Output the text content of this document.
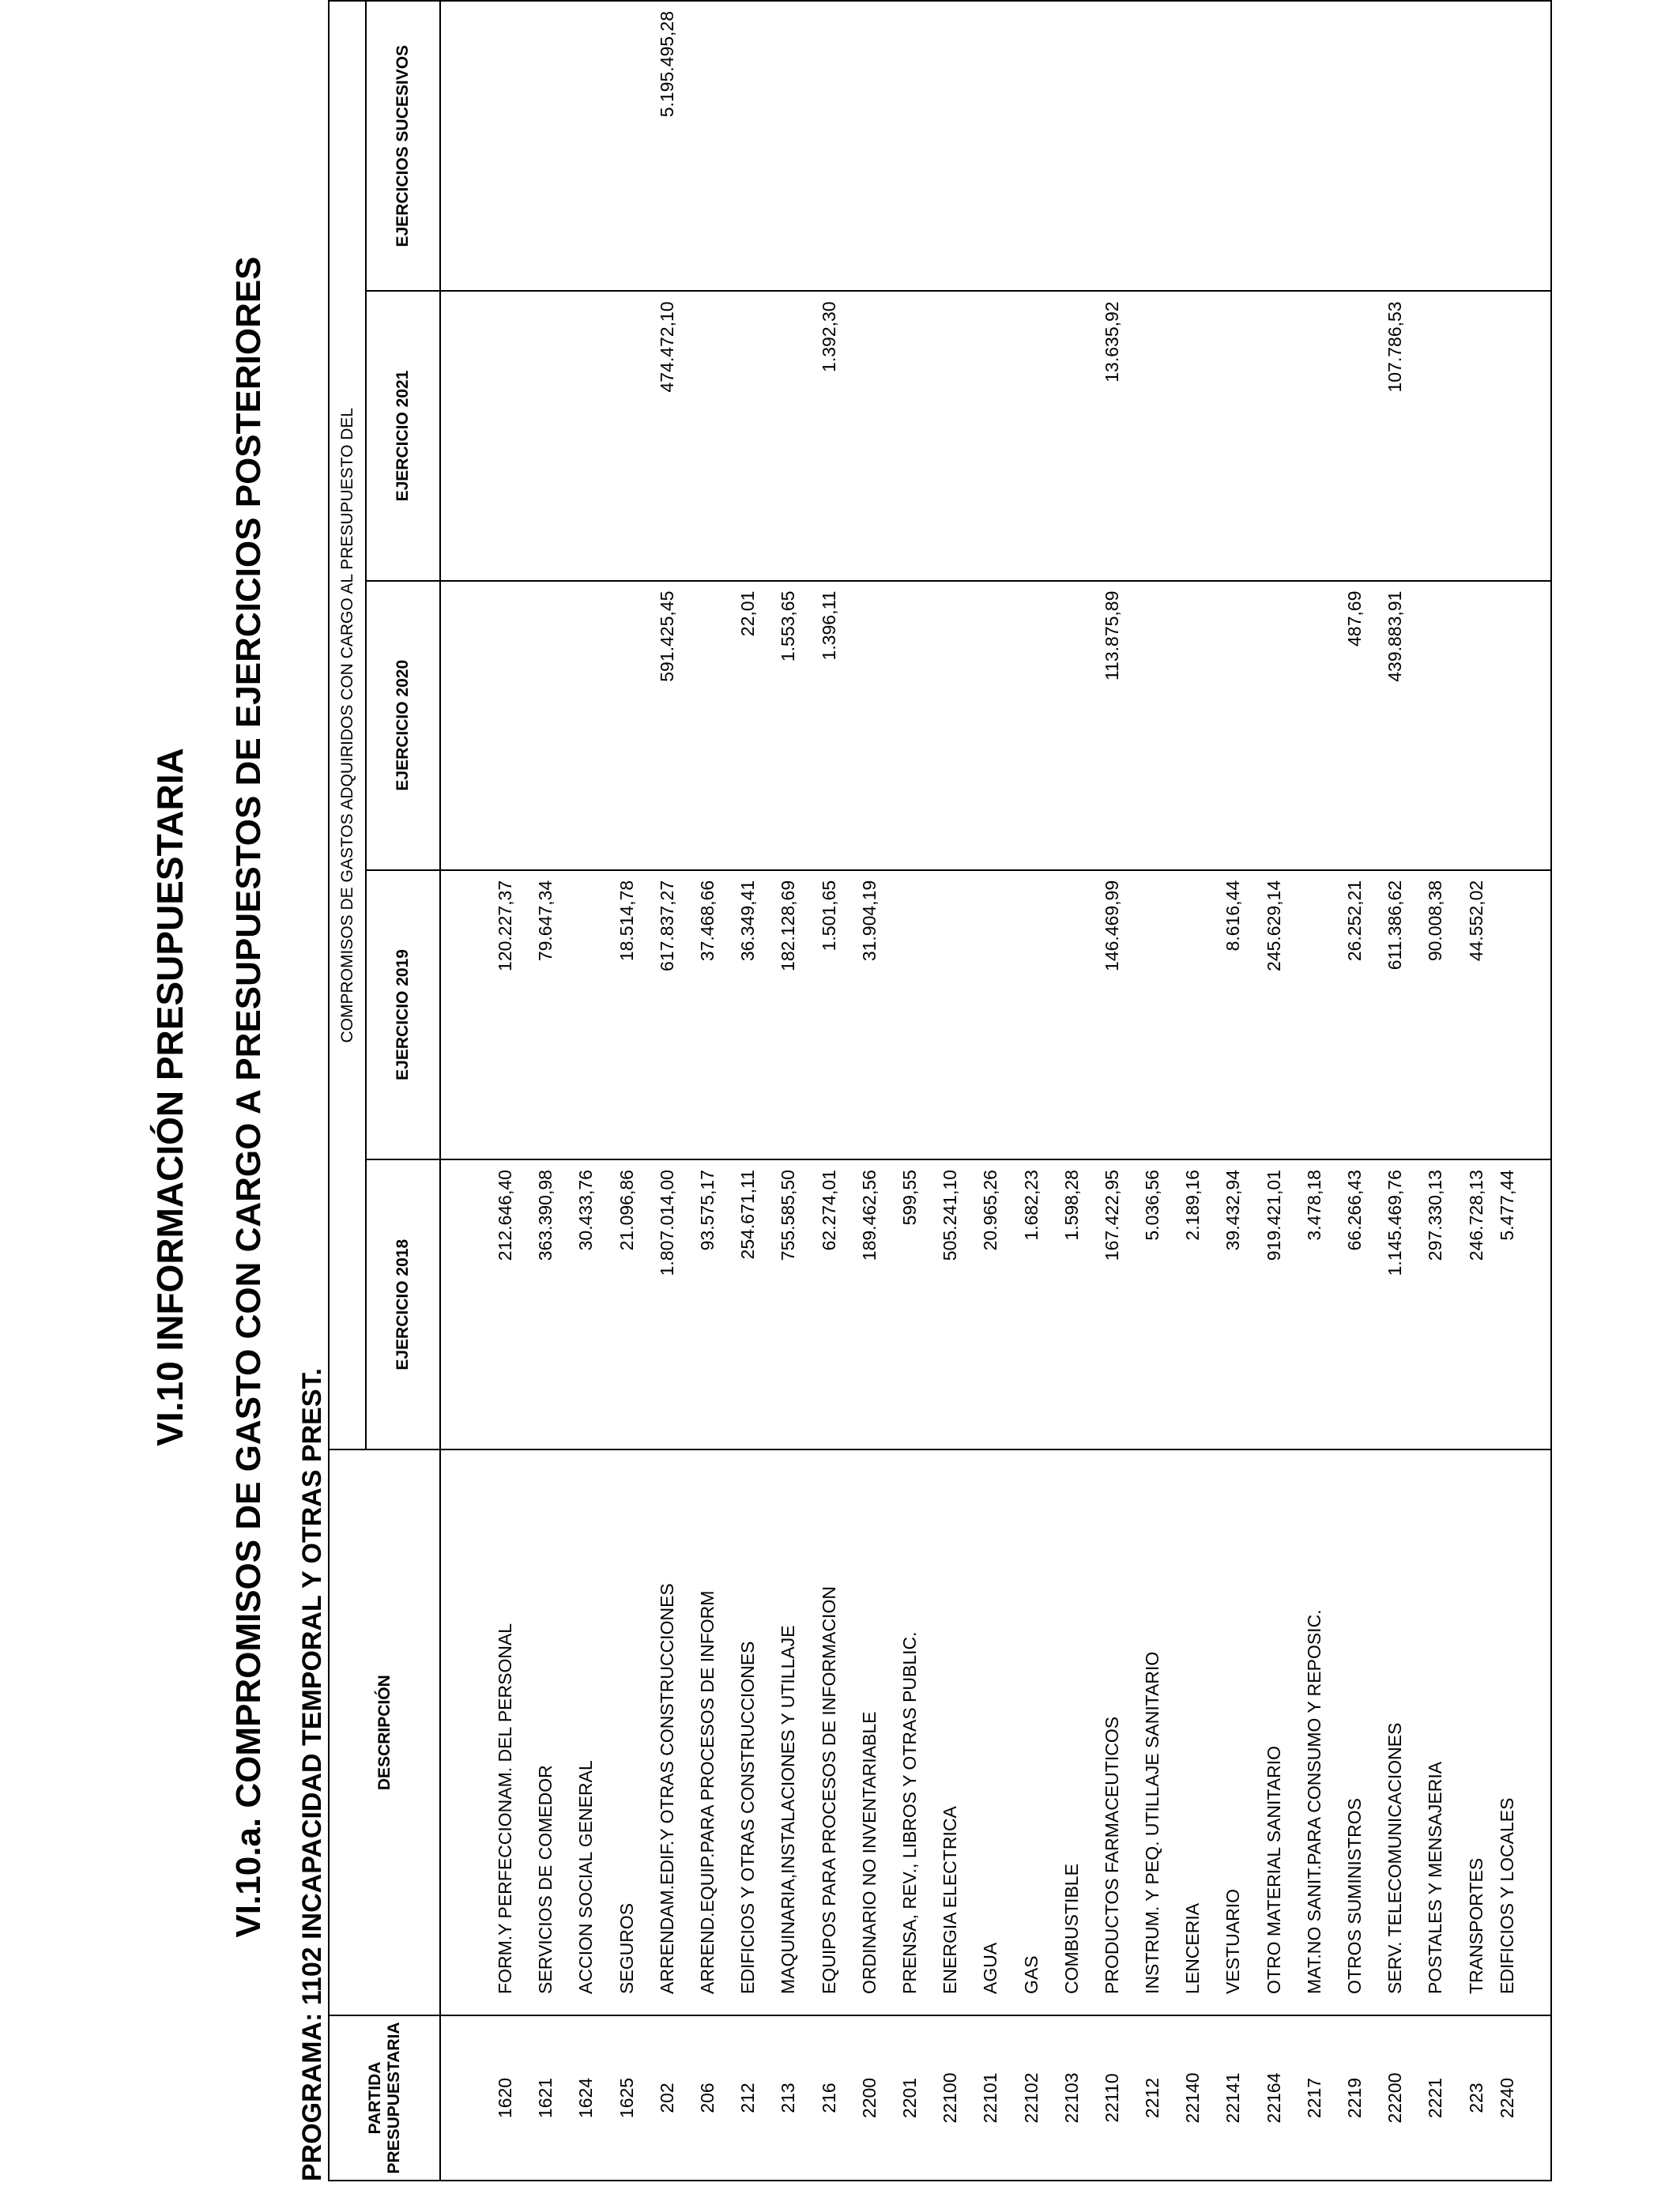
VI.10 INFORMACIÓN PRESUPUESTARIA VI.10.a. COMPROMISOS DE GASTO CON CARGO A PRESUPUESTOS DE EJERCICIOS POSTERIORES PROGRAMA: 1102 INCAPACIDAD TEMPORAL Y OTRAS PREST. PARTIDA PRESUPUESTARIA	DESCRIPCIÓN	COMPROMISOS DE GASTOS ADQUIRIDOS CON CARGO AL PRESUPUESTO DEL				
		EJERCICIO 2018	EJERCICIO 2019	EJERCICIO 2020	EJERCICIO 2021	EJERCICIOS SUCESIVOS
1620	FORM.Y PERFECCIONAM. DEL PERSONAL	212.646,40	120.227,37			
1621	SERVICIOS DE COMEDOR	363.390,98	79.647,34			
1624	ACCION SOCIAL GENERAL	30.433,76				
1625	SEGUROS	21.096,86	18.514,78			
202	ARRENDAM.EDIF.Y OTRAS CONSTRUCCIONES	1.807.014,00	617.837,27	591.425,45	474.472,10	5.195.495,28
206	ARREND.EQUIP.PARA PROCESOS DE INFORM	93.575,17	37.468,66			
212	EDIFICIOS Y OTRAS CONSTRUCCIONES	254.671,11	36.349,41	22,01		
213	MAQUINARIA,INSTALACIONES Y UTILLAJE	755.585,50	182.128,69	1.553,65		
216	EQUIPOS PARA PROCESOS DE INFORMACION	62.274,01	1.501,65	1.396,11	1.392,30	
2200	ORDINARIO NO INVENTARIABLE	189.462,56	31.904,19			
2201	PRENSA, REV., LIBROS Y OTRAS PUBLIC.	599,55				
22100	ENERGIA ELECTRICA	505.241,10				
22101	AGUA	20.965,26				
22102	GAS	1.682,23				
22103	COMBUSTIBLE	1.598,28				
22110	PRODUCTOS FARMACEUTICOS	167.422,95	146.469,99	113.875,89	13.635,92	
2212	INSTRUM. Y PEQ. UTILLAJE SANITARIO	5.036,56				
22140	LENCERIA	2.189,16				
22141	VESTUARIO	39.432,94	8.616,44			
22164	OTRO MATERIAL SANITARIO	919.421,01	245.629,14			
2217	MAT.NO SANIT.PARA CONSUMO Y REPOSIC.	3.478,18				
2219	OTROS SUMINISTROS	66.266,43	26.252,21	487,69		
22200	SERV. TELECOMUNICACIONES	1.145.469,76	611.386,62	439.883,91	107.786,53	
2221	POSTALES Y MENSAJERIA	297.330,13	90.008,38			
223	TRANSPORTES	246.728,13	44.552,02			
2240	EDIFICIOS Y LOCALES	5.477,44				
